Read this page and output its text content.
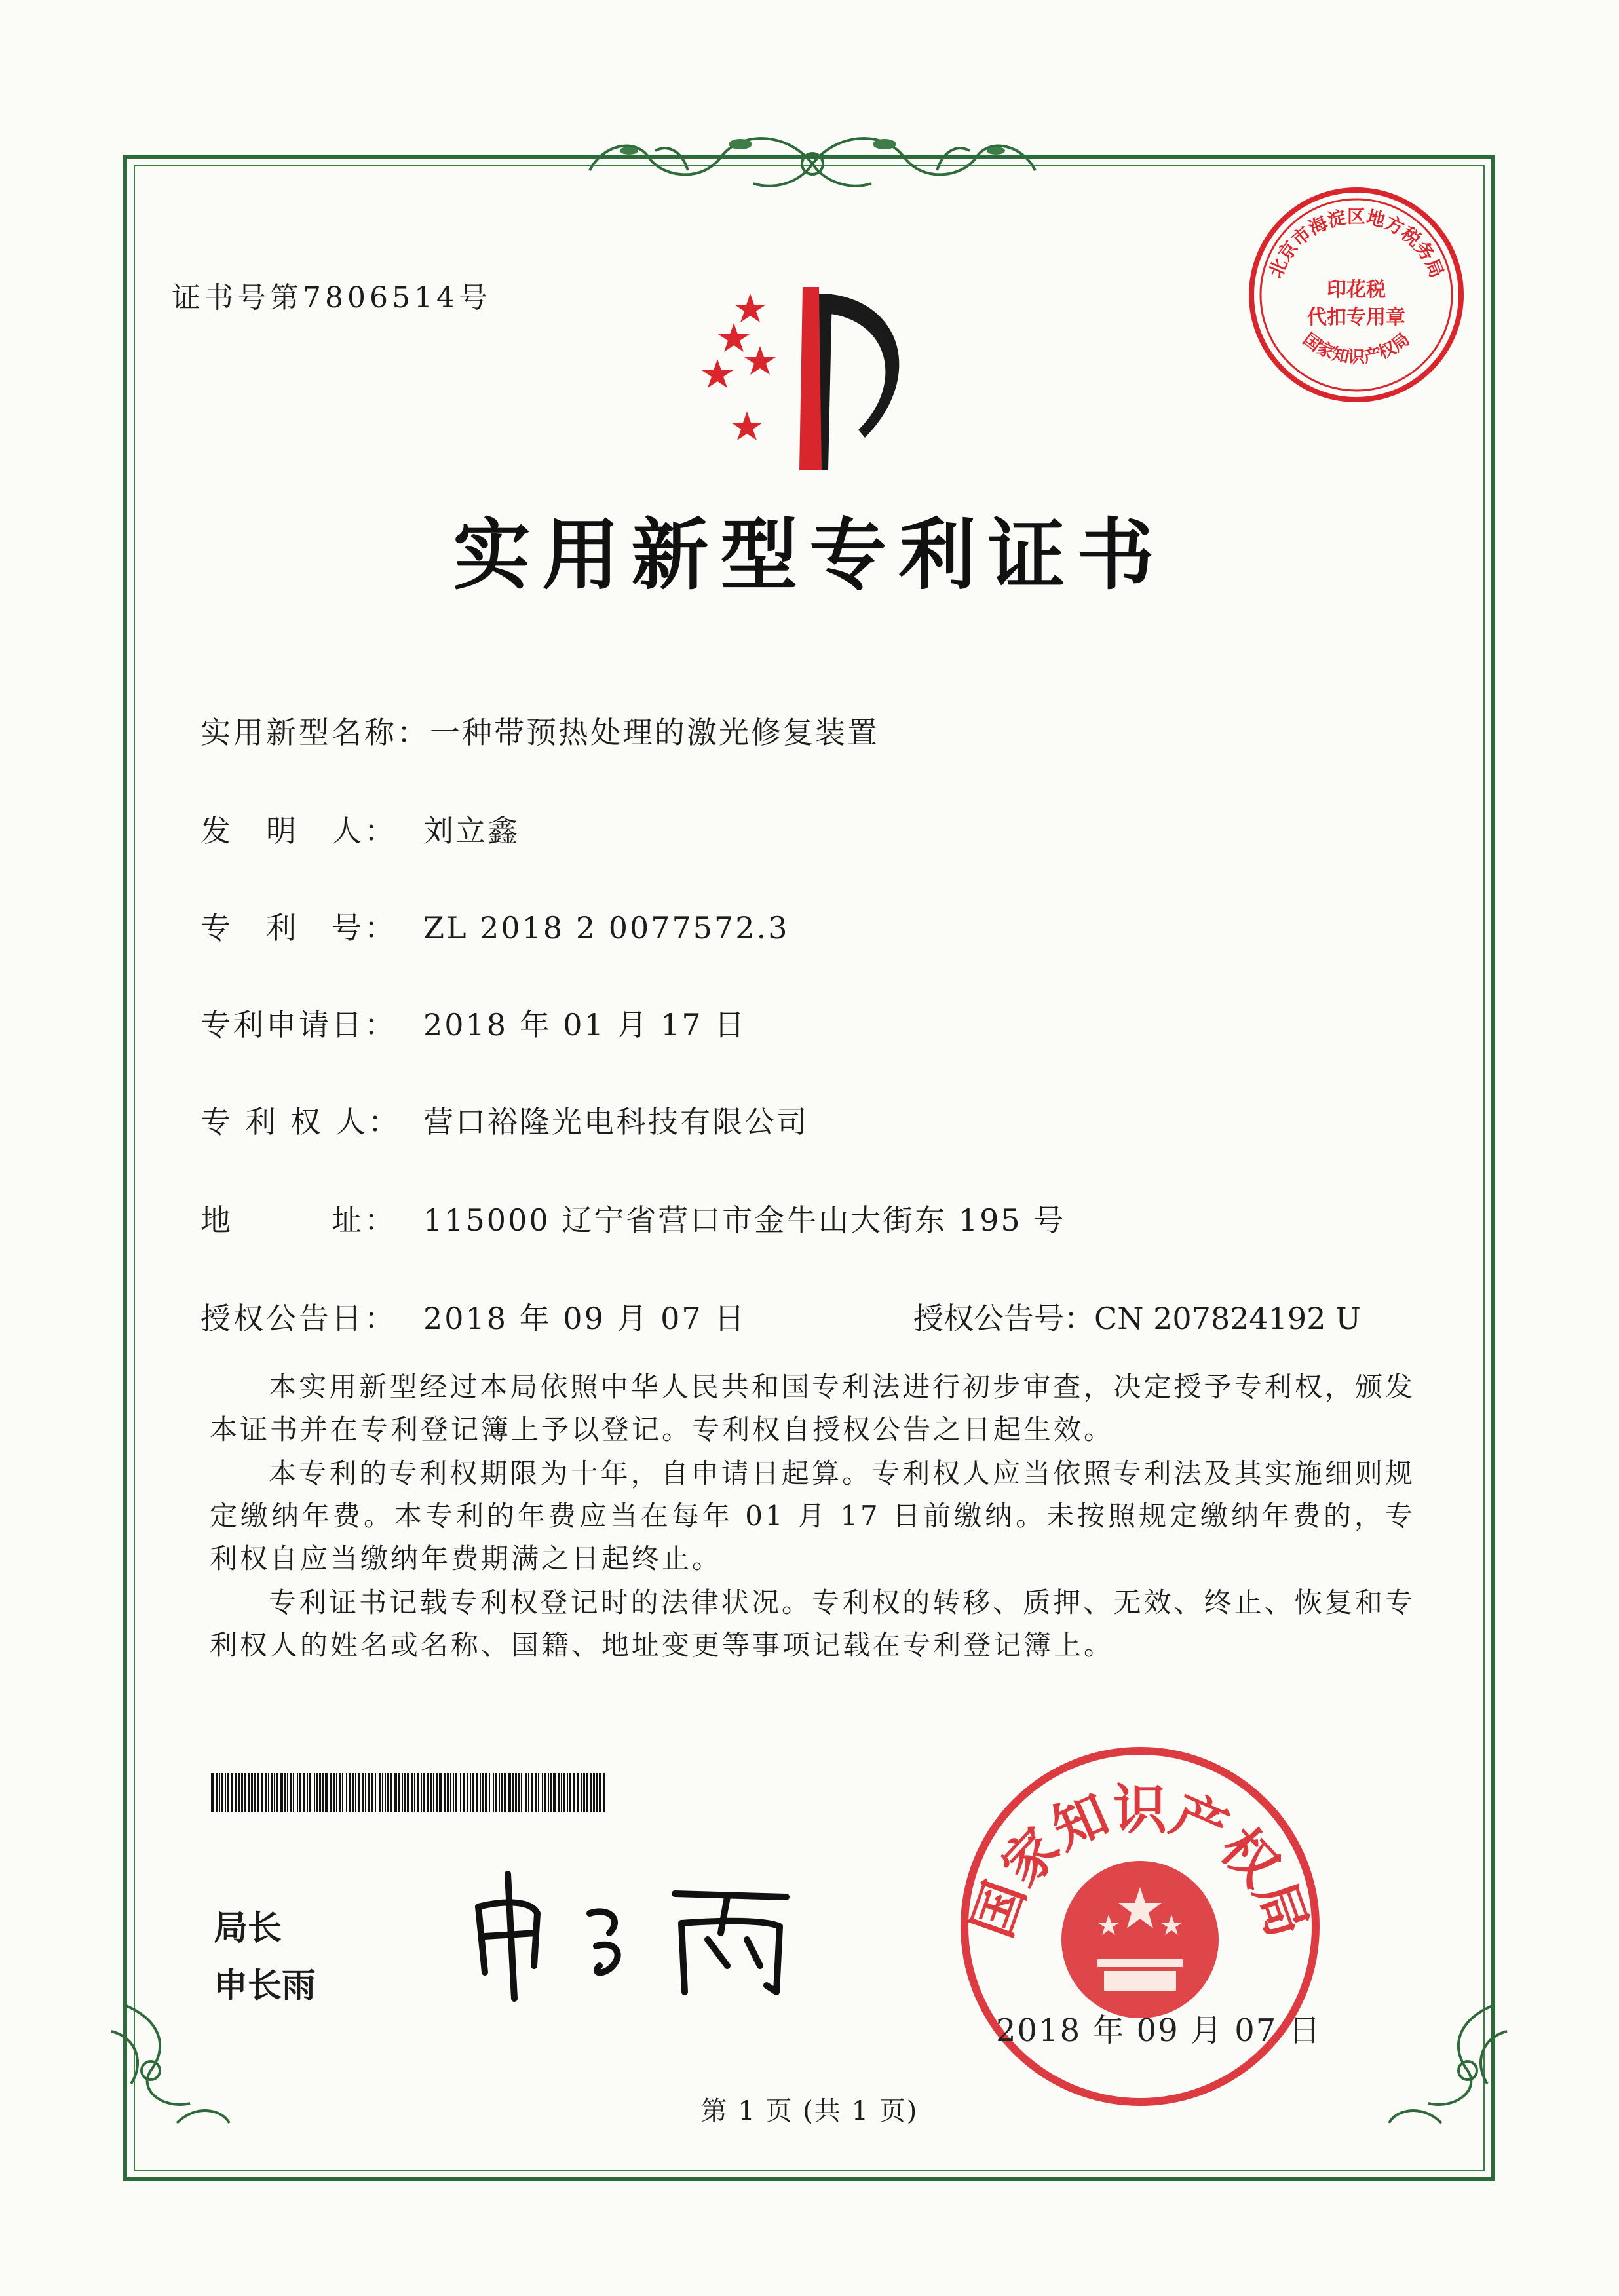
证书号第7806514号
北京市海淀区地方税务局
国家知识产权局
印花税
代扣专用章
实用新型专利证书
实用新型名称：一种带预热处理的激光修复装置
发　明　人： 刘立鑫
专　利　号： ZL 2018 2 0077572.3
专利申请日： 2018 年 01 月 17 日
专 利 权 人： 营口裕隆光电科技有限公司
地　　　址： 115000 辽宁省营口市金牛山大街东 195 号
授权公告日： 2018 年 09 月 07 日	授权公告号：CN 207824192 U

本实用新型经过本局依照中华人民共和国专利法进行初步审查，决定授予专利权，颁发本证书并在专利登记簿上予以登记。专利权自授权公告之日起生效。

本专利的专利权期限为十年，自申请日起算。专利权人应当依照专利法及其实施细则规定缴纳年费。本专利的年费应当在每年 01 月 17 日前缴纳。未按照规定缴纳年费的，专利权自应当缴纳年费期满之日起终止。

专利证书记载专利权登记时的法律状况。专利权的转移、质押、无效、终止、恢复和专利权人的姓名或名称、国籍、地址变更等事项记载在专利登记簿上。

局长
申长雨
国家知识产权局
2018 年 09 月 07 日
第 1 页 (共 1 页)
